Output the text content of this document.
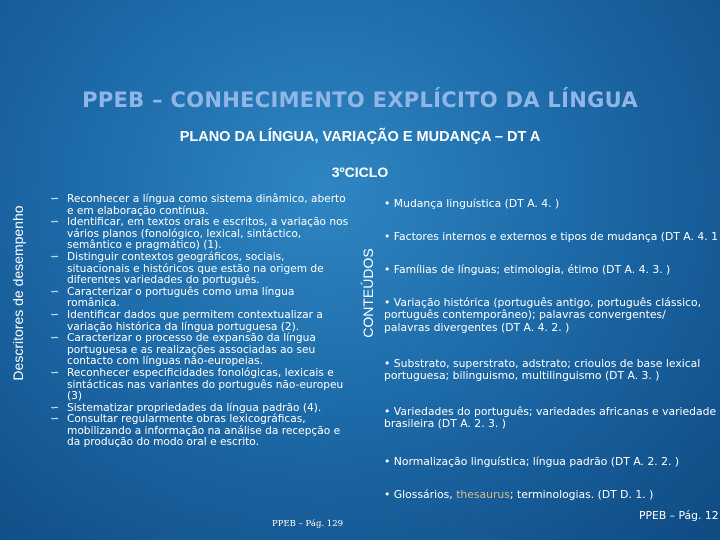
PPEB – CONHECIMENTO EXPLÍCITO DA LÍNGUA
PLANO DA LÍNGUA, VARIAÇÃO E MUDANÇA – DT A
3ºCICLO
Descritores de desempenho	CONTEÚDOS
∽ Reconhecer a língua como sistema dinâmico, aberto e em elaboração contínua.
∽ Identificar, em textos orais e escritos, a variação nos vários planos (fonológico, lexical, sintáctico, semântico e pragmático) (1).
∽ Distinguir contextos geográficos, sociais, situacionais e históricos que estão na origem de diferentes variedades do português.
∽ Caracterizar o português como uma língua românica.
∽ Identificar dados que permitem contextualizar a variação histórica da língua portuguesa (2).
∽ Caracterizar o processo de expansão da língua portuguesa e as realizações associadas ao seu contacto com línguas não-europeias.
∽ Reconhecer especificidades fonológicas, lexicais e sintácticas nas variantes do português não-europeu (3)
∽ Sistematizar propriedades da língua padrão (4).
∽ Consultar regularmente obras lexicográficas, mobilizando a informação na análise da recepção e da produção do modo oral e escrito.
PPEB – Pág. 129
• Mudança linguística (DT A. 4. )
• Factores internos e externos e tipos de mudança (DT A. 4. 1
• Famílias de línguas; etimologia, étimo (DT A. 4. 3. )
• Variação histórica (português antigo, português clássico, português contemporâneo); palavras convergentes/ palavras divergentes (DT A. 4. 2. )
• Substrato, superstrato, adstrato; crioulos de base lexical portuguesa; bilinguismo, multilinguismo (DT A. 3. )
• Variedades do português; variedades africanas e variedade brasileira (DT A. 2. 3. )
• Normalização linguística; língua padrão (DT A. 2. 2. )
• Glossários, thesaurus; terminologias. (DT D. 1. )
PPEB – Pág. 12
